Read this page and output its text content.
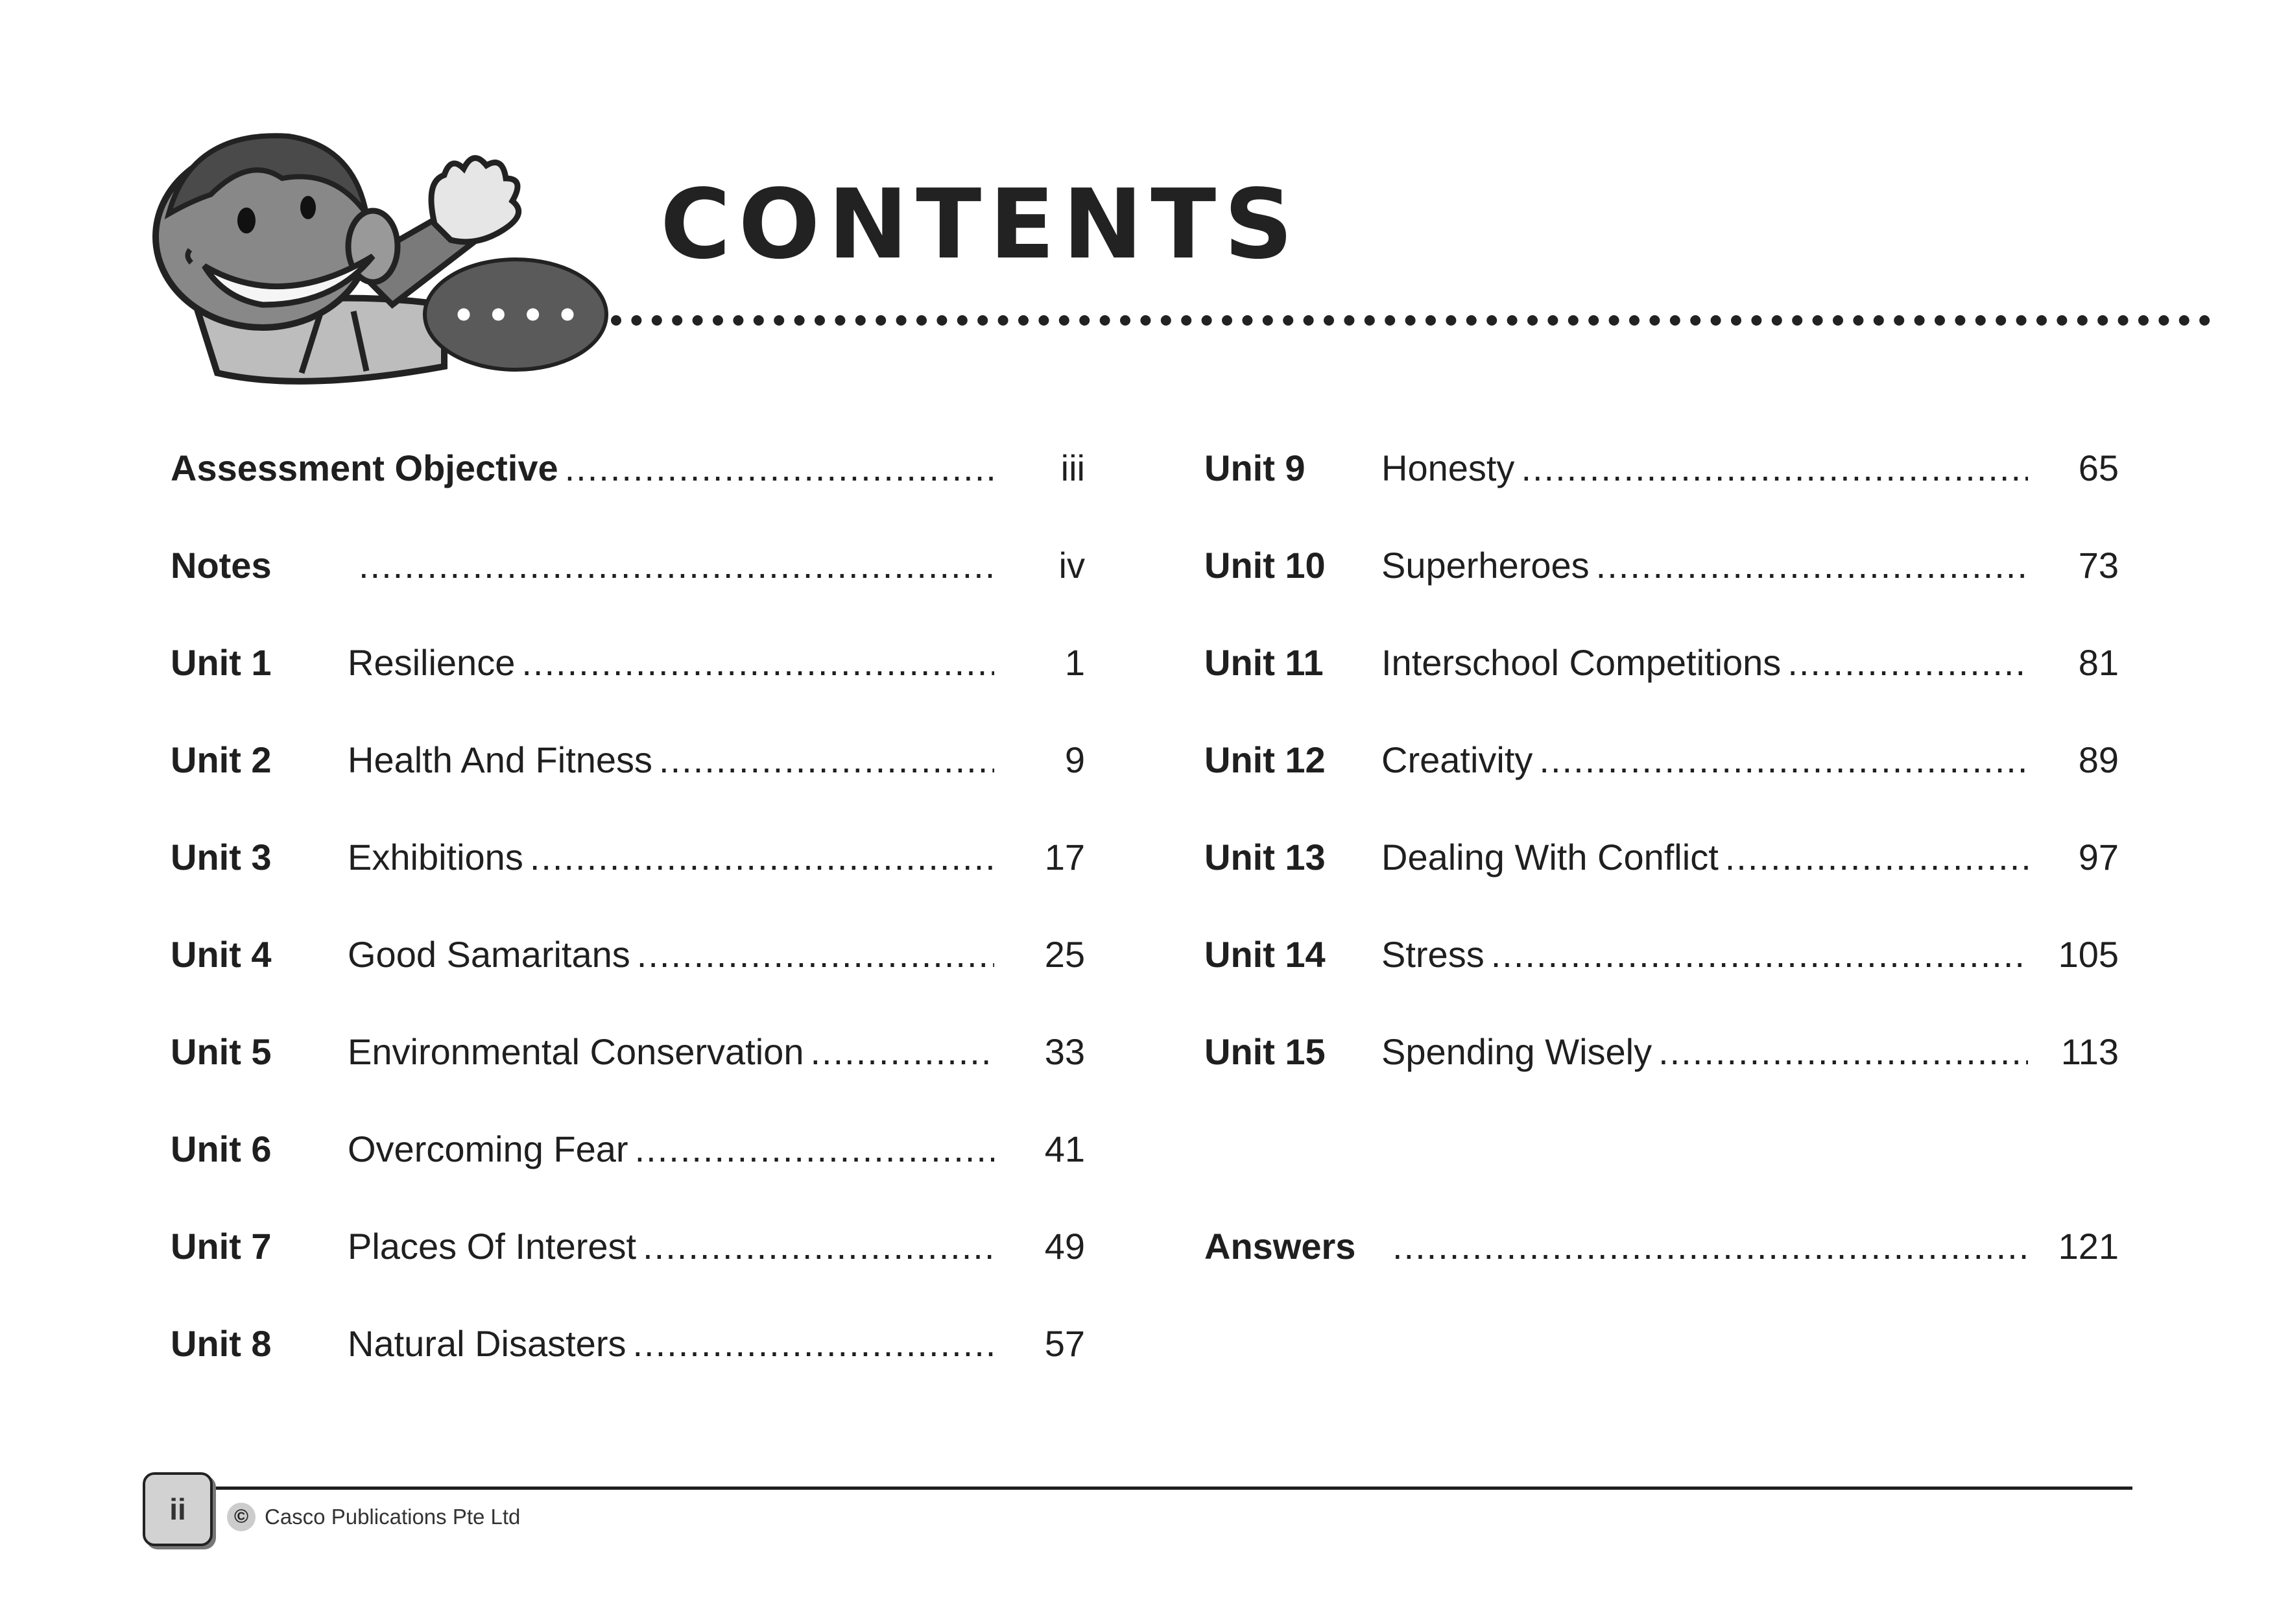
• • • •
CONTENTS
Assessment Objective .....	iii
Notes .....	iv
Unit 1 Resilience .....	1
Unit 2 Health And Fitness .....	9
Unit 3 Exhibitions .....	17
Unit 4 Good Samaritans .....	25
Unit 5 Environmental Conservation .....	33
Unit 6 Overcoming Fear .....	41
Unit 7 Places Of Interest .....	49
Unit 8 Natural Disasters .....	57
Unit 9 Honesty .....	65
Unit 10 Superheroes .....	73
Unit 11 Interschool Competitions .....	81
Unit 12 Creativity .....	89
Unit 13 Dealing With Conflict .....	97
Unit 14 Stress .....	105
Unit 15 Spending Wisely .....	113
Answers .....	121
ii	© Casco Publications Pte Ltd
